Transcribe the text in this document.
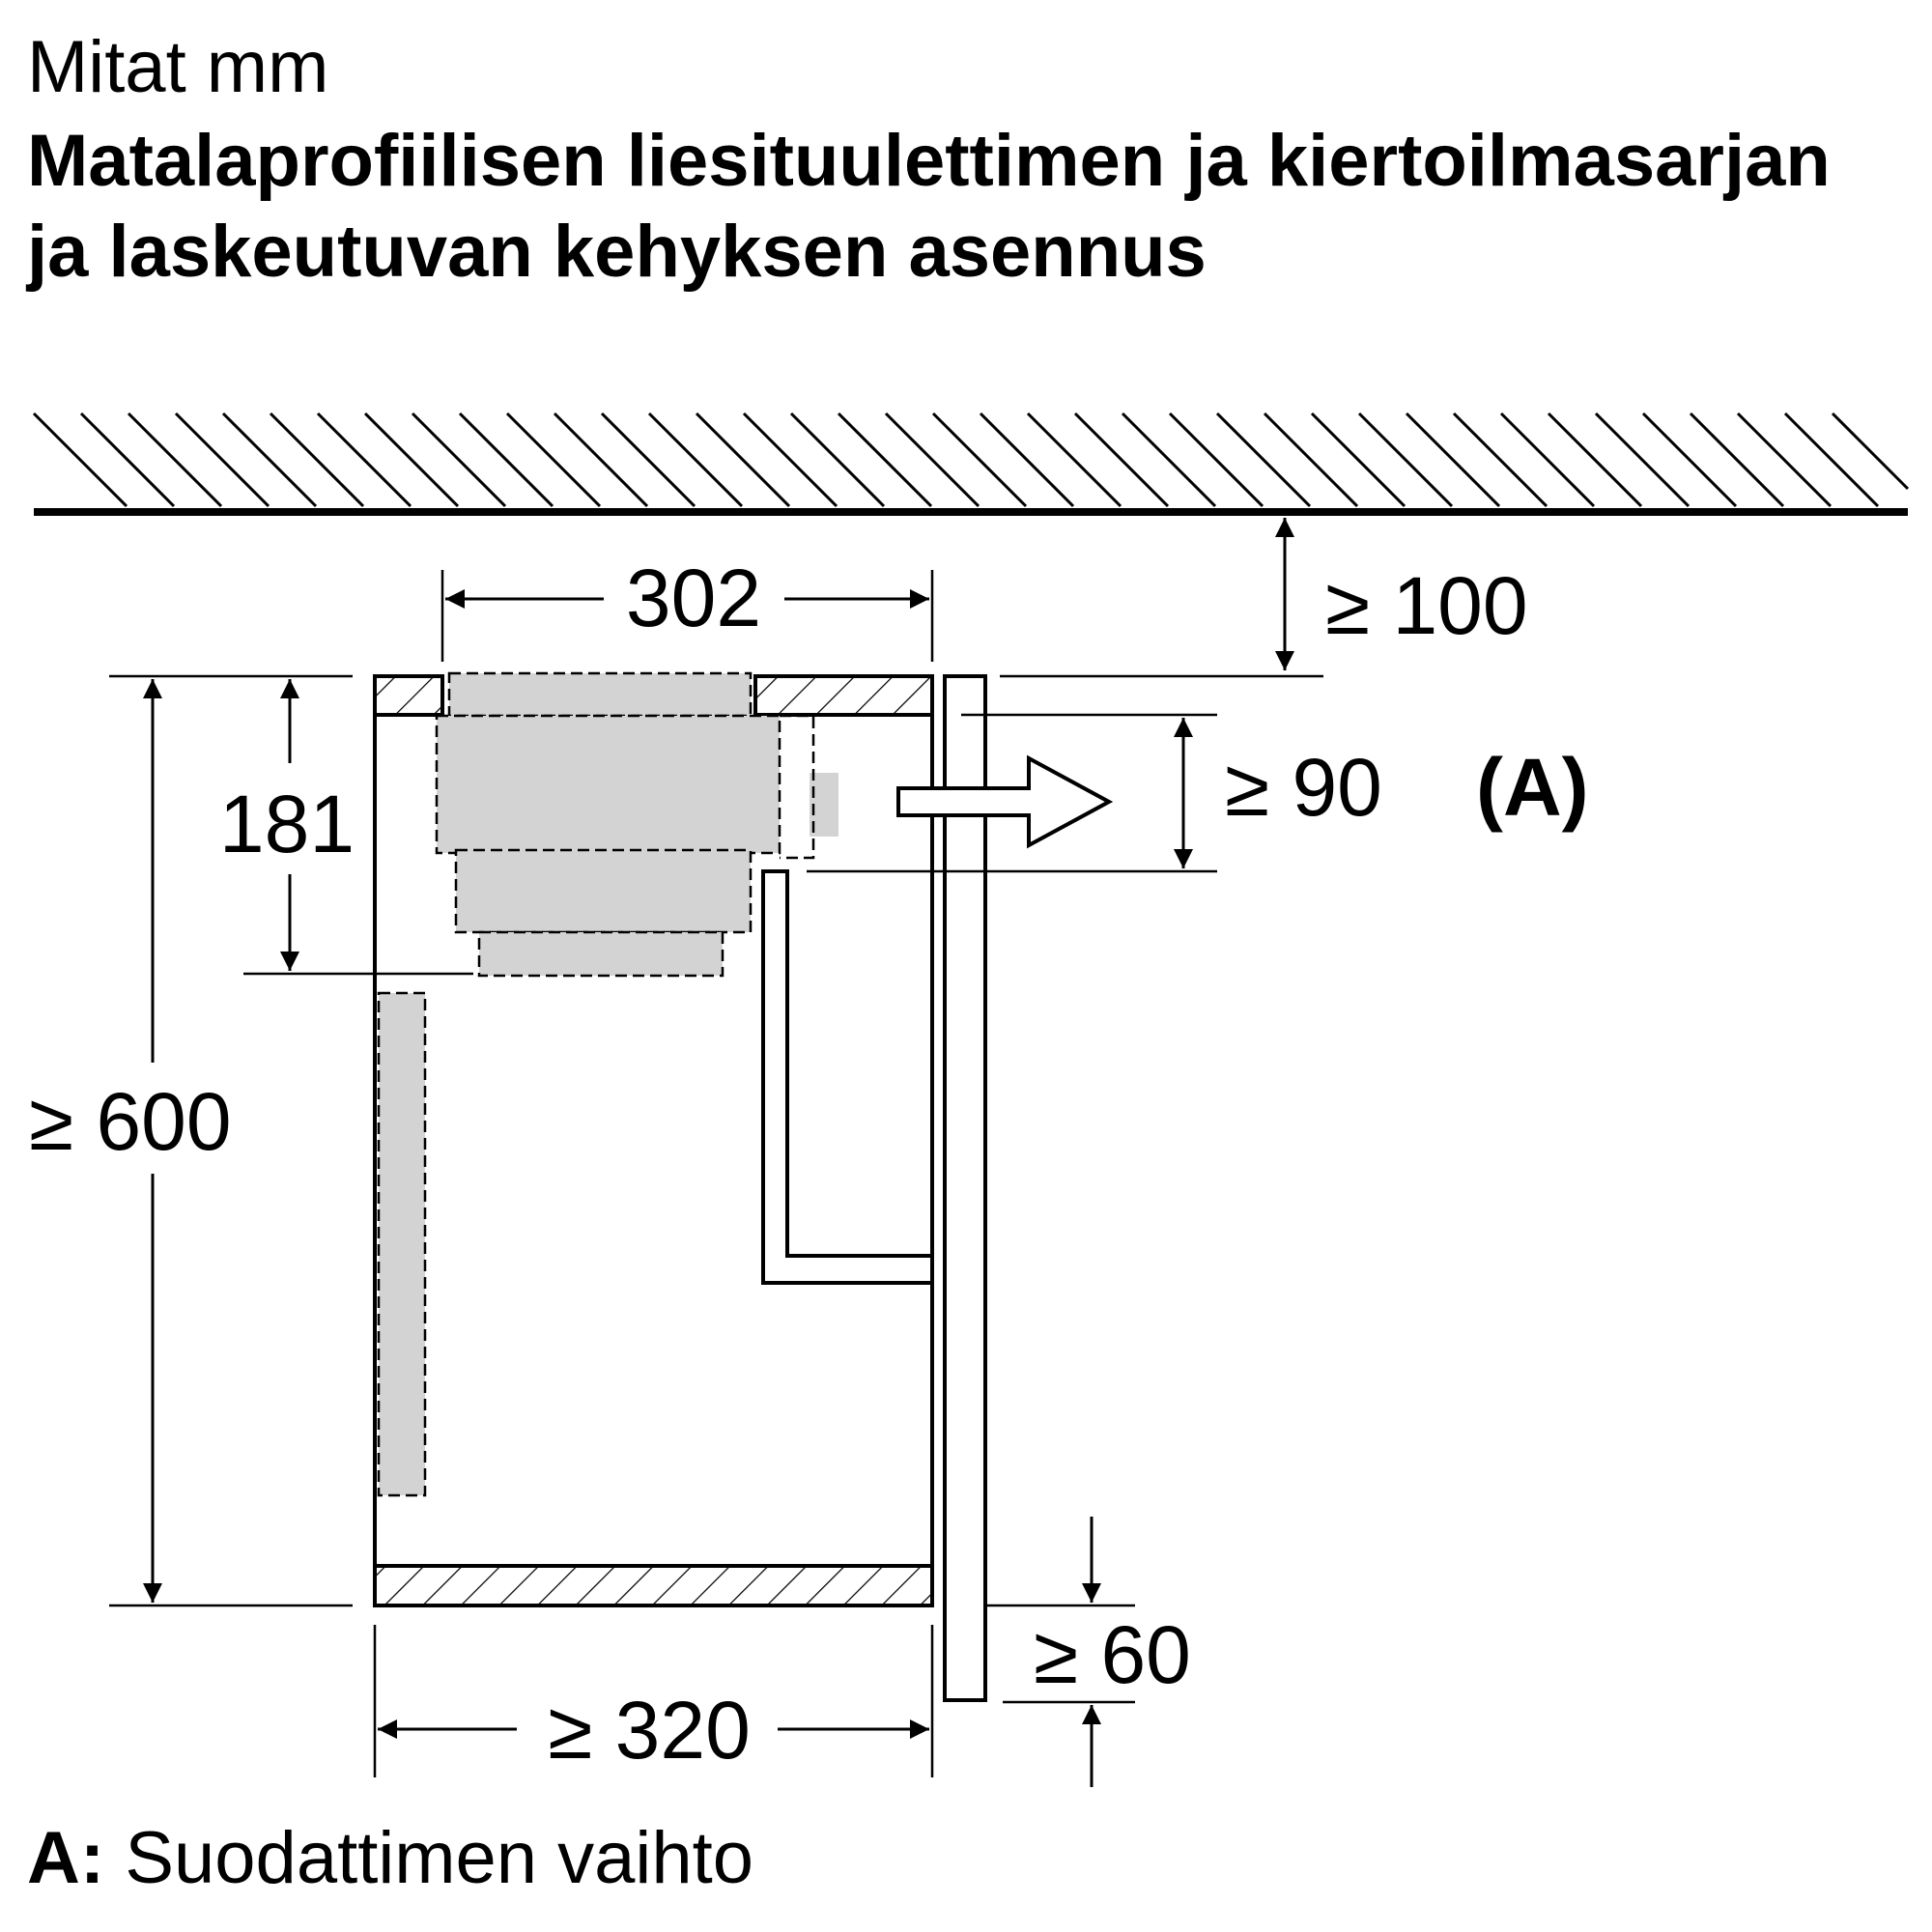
Mitat mm
Matalaprofiilisen liesituulettimen ja kiertoilmasarjan ja laskeutuvan kehyksen asennus
302	≥ 100
181
≥ 600
≥ 90 (A)
≥ 60
≥ 320
A: Suodattimen vaihto
